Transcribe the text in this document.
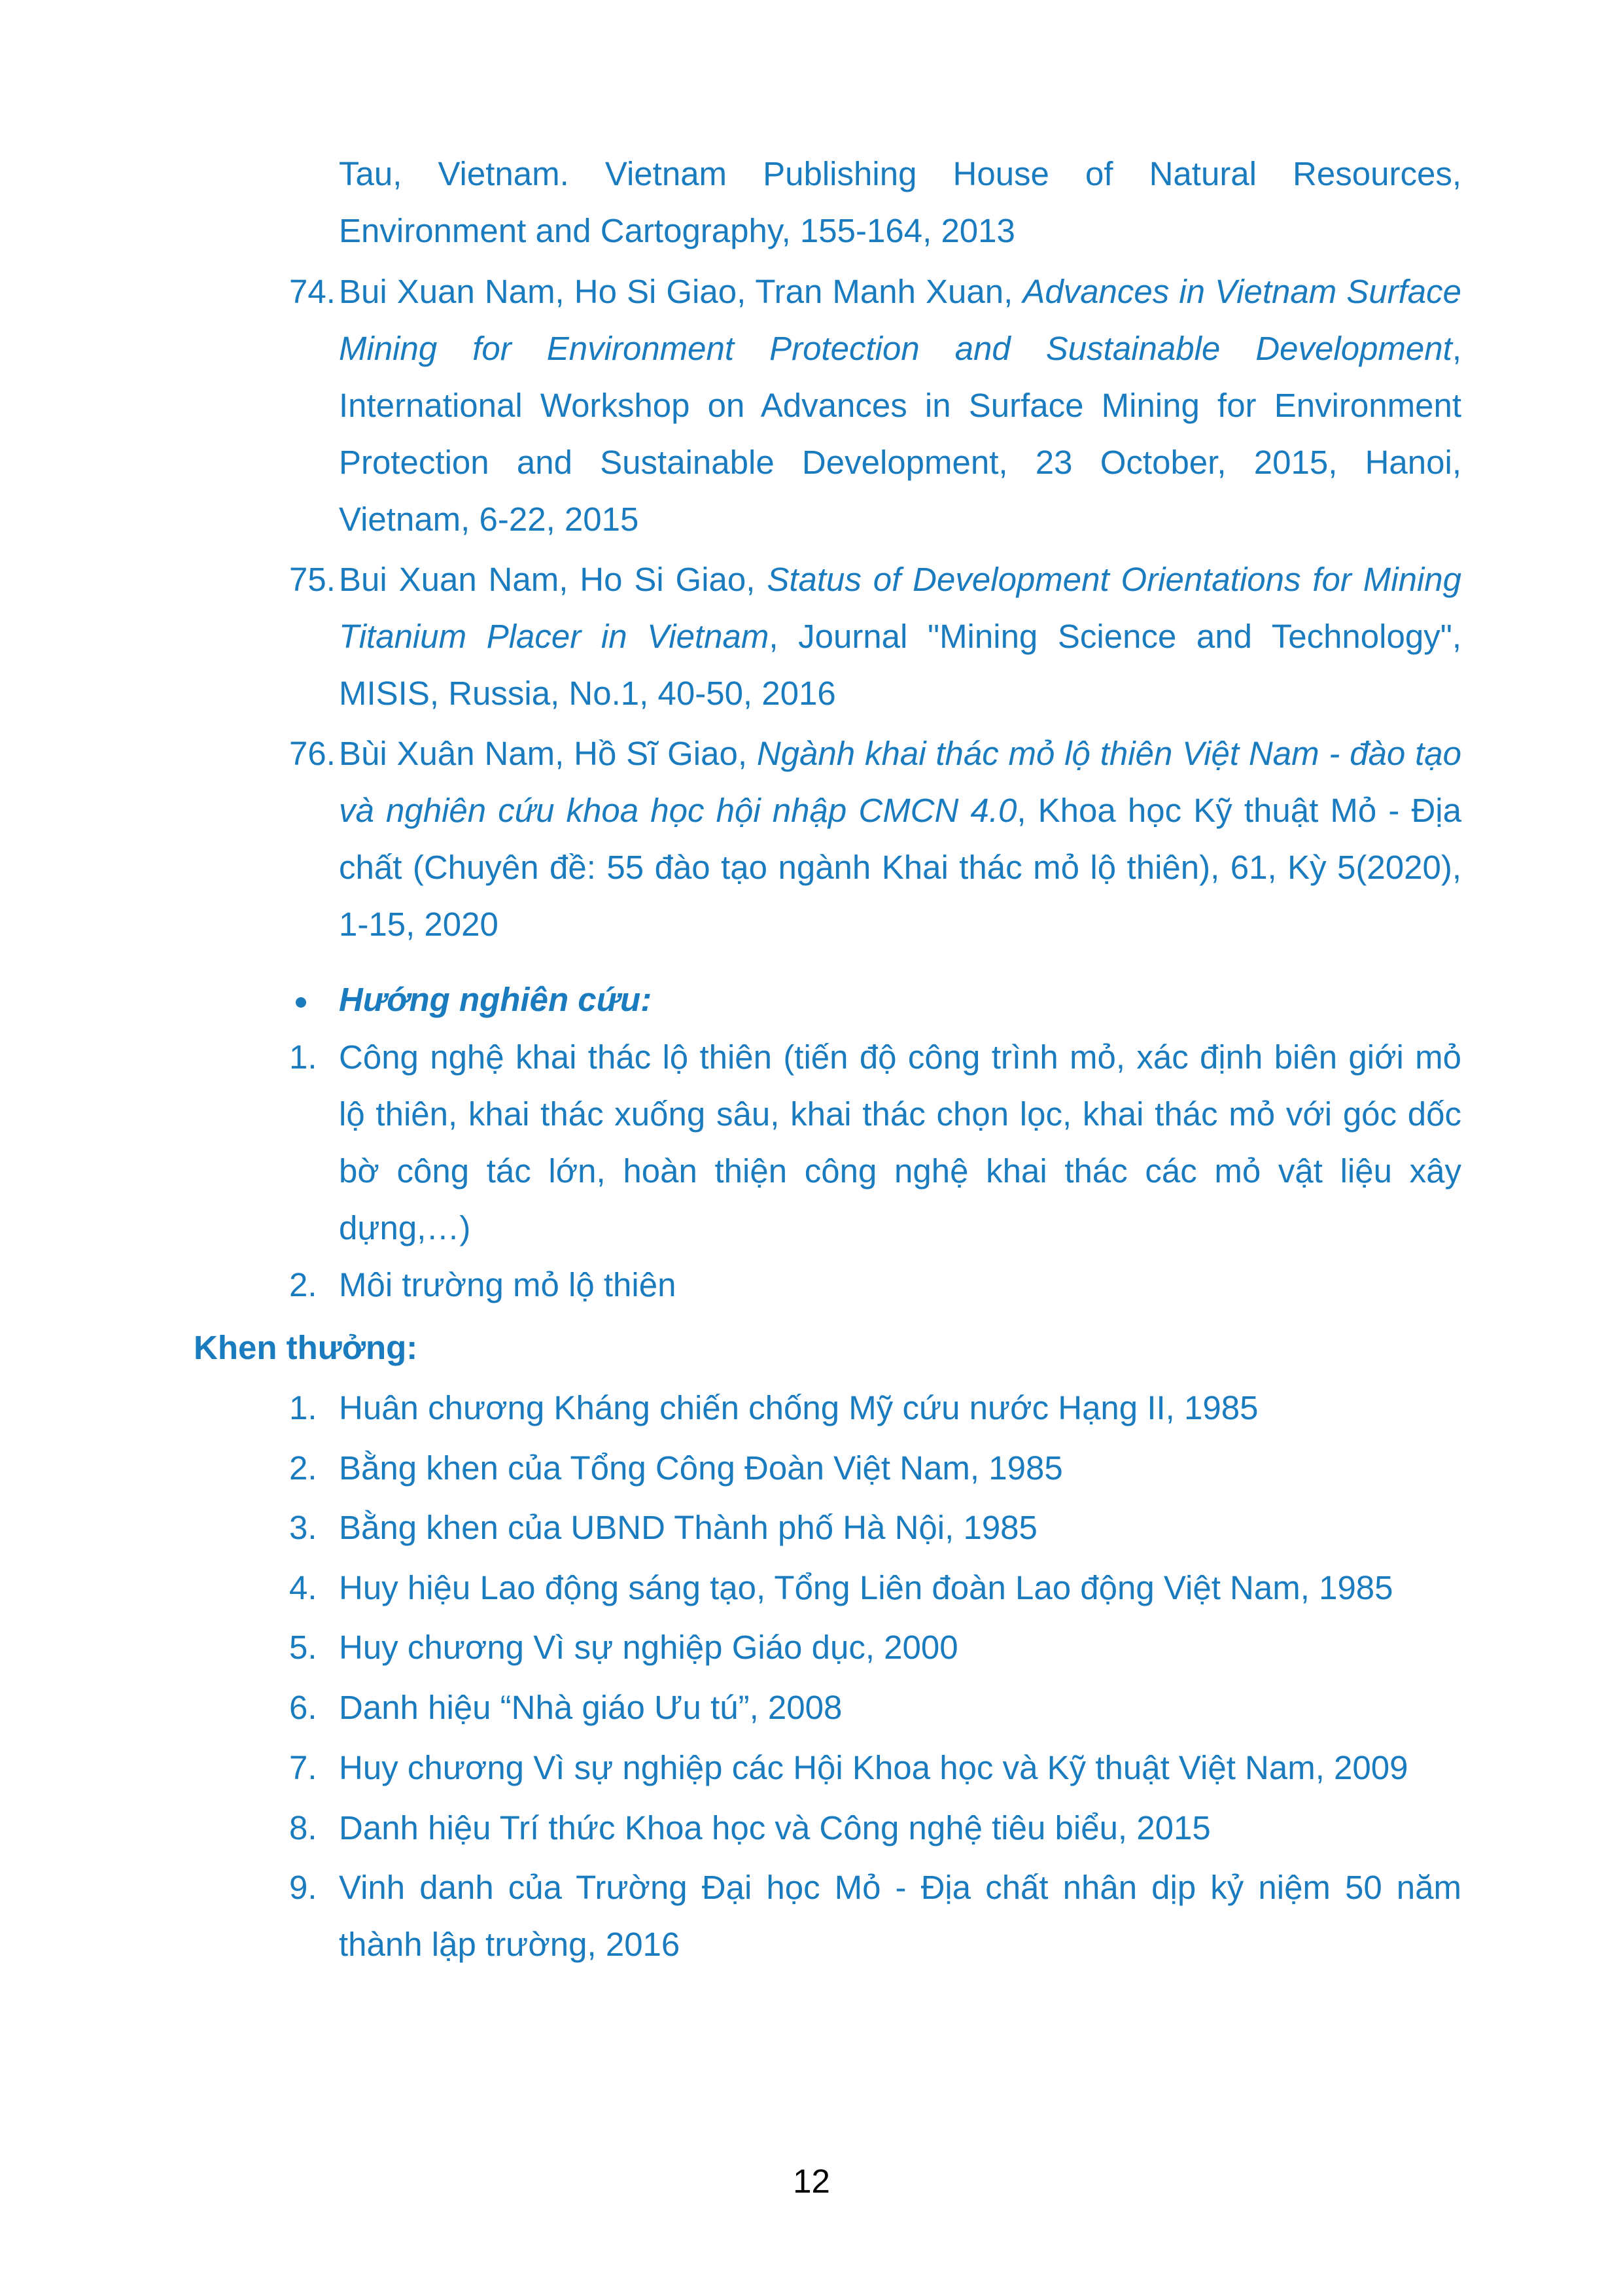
Tau, Vietnam. Vietnam Publishing House of Natural Resources, Environment and Cartography, 155-164, 2013

74. Bui Xuan Nam, Ho Si Giao, Tran Manh Xuan, Advances in Vietnam Surface Mining for Environment Protection and Sustainable Development, International Workshop on Advances in Surface Mining for Environment Protection and Sustainable Development, 23 October, 2015, Hanoi, Vietnam, 6-22, 2015

75. Bui Xuan Nam, Ho Si Giao, Status of Development Orientations for Mining Titanium Placer in Vietnam, Journal "Mining Science and Technology", MISIS, Russia, No.1, 40-50, 2016

76. Bùi Xuân Nam, Hồ Sĩ Giao, Ngành khai thác mỏ lộ thiên Việt Nam - đào tạo và nghiên cứu khoa học hội nhập CMCN 4.0, Khoa học Kỹ thuật Mỏ - Địa chất (Chuyên đề: 55 đào tạo ngành Khai thác mỏ lộ thiên), 61, Kỳ 5(2020), 1-15, 2020

Hướng nghiên cứu:

1. Công nghệ khai thác lộ thiên (tiến độ công trình mỏ, xác định biên giới mỏ lộ thiên, khai thác xuống sâu, khai thác chọn lọc, khai thác mỏ với góc dốc bờ công tác lớn, hoàn thiện công nghệ khai thác các mỏ vật liệu xây dựng,…)

2. Môi trường mỏ lộ thiên

Khen thưởng:

1. Huân chương Kháng chiến chống Mỹ cứu nước Hạng II, 1985

2. Bằng khen của Tổng Công Đoàn Việt Nam, 1985

3. Bằng khen của UBND Thành phố Hà Nội, 1985

4. Huy hiệu Lao động sáng tạo, Tổng Liên đoàn Lao động Việt Nam, 1985

5. Huy chương Vì sự nghiệp Giáo dục, 2000

6. Danh hiệu “Nhà giáo Ưu tú”, 2008

7. Huy chương Vì sự nghiệp các Hội Khoa học và Kỹ thuật Việt Nam, 2009

8. Danh hiệu Trí thức Khoa học và Công nghệ tiêu biểu, 2015

9. Vinh danh của Trường Đại học Mỏ - Địa chất nhân dịp kỷ niệm 50 năm thành lập trường, 2016

12
